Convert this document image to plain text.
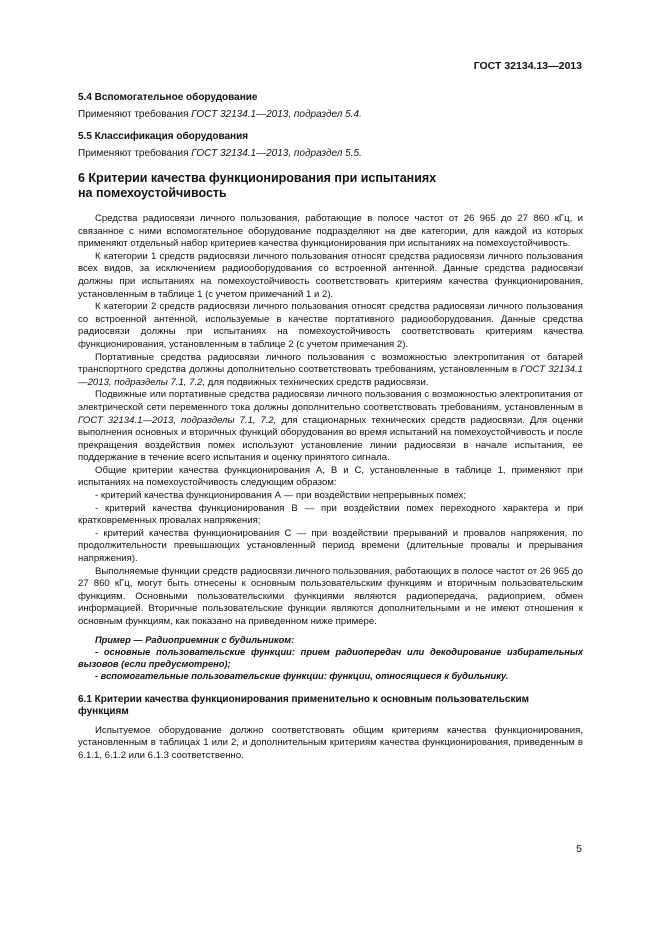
ГОСТ 32134.13—2013
5.4 Вспомогательное оборудование
Применяют требования ГОСТ 32134.1—2013, подраздел 5.4.
5.5 Классификация оборудования
Применяют требования ГОСТ 32134.1—2013, подраздел 5.5.
6 Критерии качества функционирования при испытаниях
на помехоустойчивость

Средства радиосвязи личного пользования, работающие в полосе частот от 26 965 до 27 860 кГц, и связанное с ними вспомогательное оборудование подразделяют на две категории, для каждой из которых применяют отдельный набор критериев качества функционирования при испытаниях на помехоустойчивость.

К категории 1 средств радиосвязи личного пользования относят средства радиосвязи личного пользования всех видов, за исключением радиооборудования со встроенной антенной. Данные средства радиосвязи должны при испытаниях на помехоустойчивость соответствовать критериям качества функционирования, установленным в таблице 1 (с учетом примечаний 1 и 2).

К категории 2 средств радиосвязи личного пользования относят средства радиосвязи личного пользования со встроенной антенной, используемые в качестве портативного радиооборудования. Данные средства радиосвязи должны при испытаниях на помехоустойчивость соответствовать критериям качества функционирования, установленным в таблице 2 (с учетом примечания 2).

Портативные средства радиосвязи личного пользования с возможностью электропитания от батарей транспортного средства должны дополнительно соответствовать требованиям, установленным в ГОСТ 32134.1—2013, подразделы 7.1, 7.2, для подвижных технических средств радиосвязи.

Подвижные или портативные средства радиосвязи личного пользования с возможностью электропитания от электрической сети переменного тока должны дополнительно соответствовать требованиям, установленным в ГОСТ 32134.1—2013, подразделы 7.1, 7.2, для стационарных технических средств радиосвязи. Для оценки выполнения основных и вторичных функций оборудования во время испытаний на помехоустойчивость и после прекращения воздействия помех используют установление линии радиосвязи в начале испытания, ее поддержание в течение всего испытания и оценку принятого сигнала.

Общие критерии качества функционирования А, В и С, установленные в таблице 1, применяют при испытаниях на помехоустойчивость следующим образом:

- критерий качества функционирования А — при воздействии непрерывных помех;

- критерий качества функционирования В — при воздействии помех переходного характера и при кратковременных провалах напряжения;

- критерий качества функционирования С — при воздействии прерываний и провалов напряжения, по продолжительности превышающих установленный период времени (длительные провалы и прерывания напряжения).

Выполняемые функции средств радиосвязи личного пользования, работающих в полосе частот от 26 965 до 27 860 кГц, могут быть отнесены к основным пользовательским функциям и вторичным пользовательским функциям. Основными пользовательскими функциями являются радиопередача, радиоприем, обмен информацией. Вторичные пользовательские функции являются дополнительными и не имеют отношения к основным функциям, как показано на приведенном ниже примере.

Пример — Радиоприемник с будильником:

- основные пользовательские функции: прием радиопередач или декодирование избирательных вызовов (если предусмотрено);

- вспомогательные пользовательские функции: функции, относящиеся к будильнику.

6.1 Критерии качества функционирования применительно к основным пользовательским
функциям

Испытуемое оборудование должно соответствовать общим критериям качества функционирования, установленным в таблицах 1 или 2, и дополнительным критериям качества функционирования, приведенным в 6.1.1, 6.1.2 или 6.1.3 соответственно.

5
